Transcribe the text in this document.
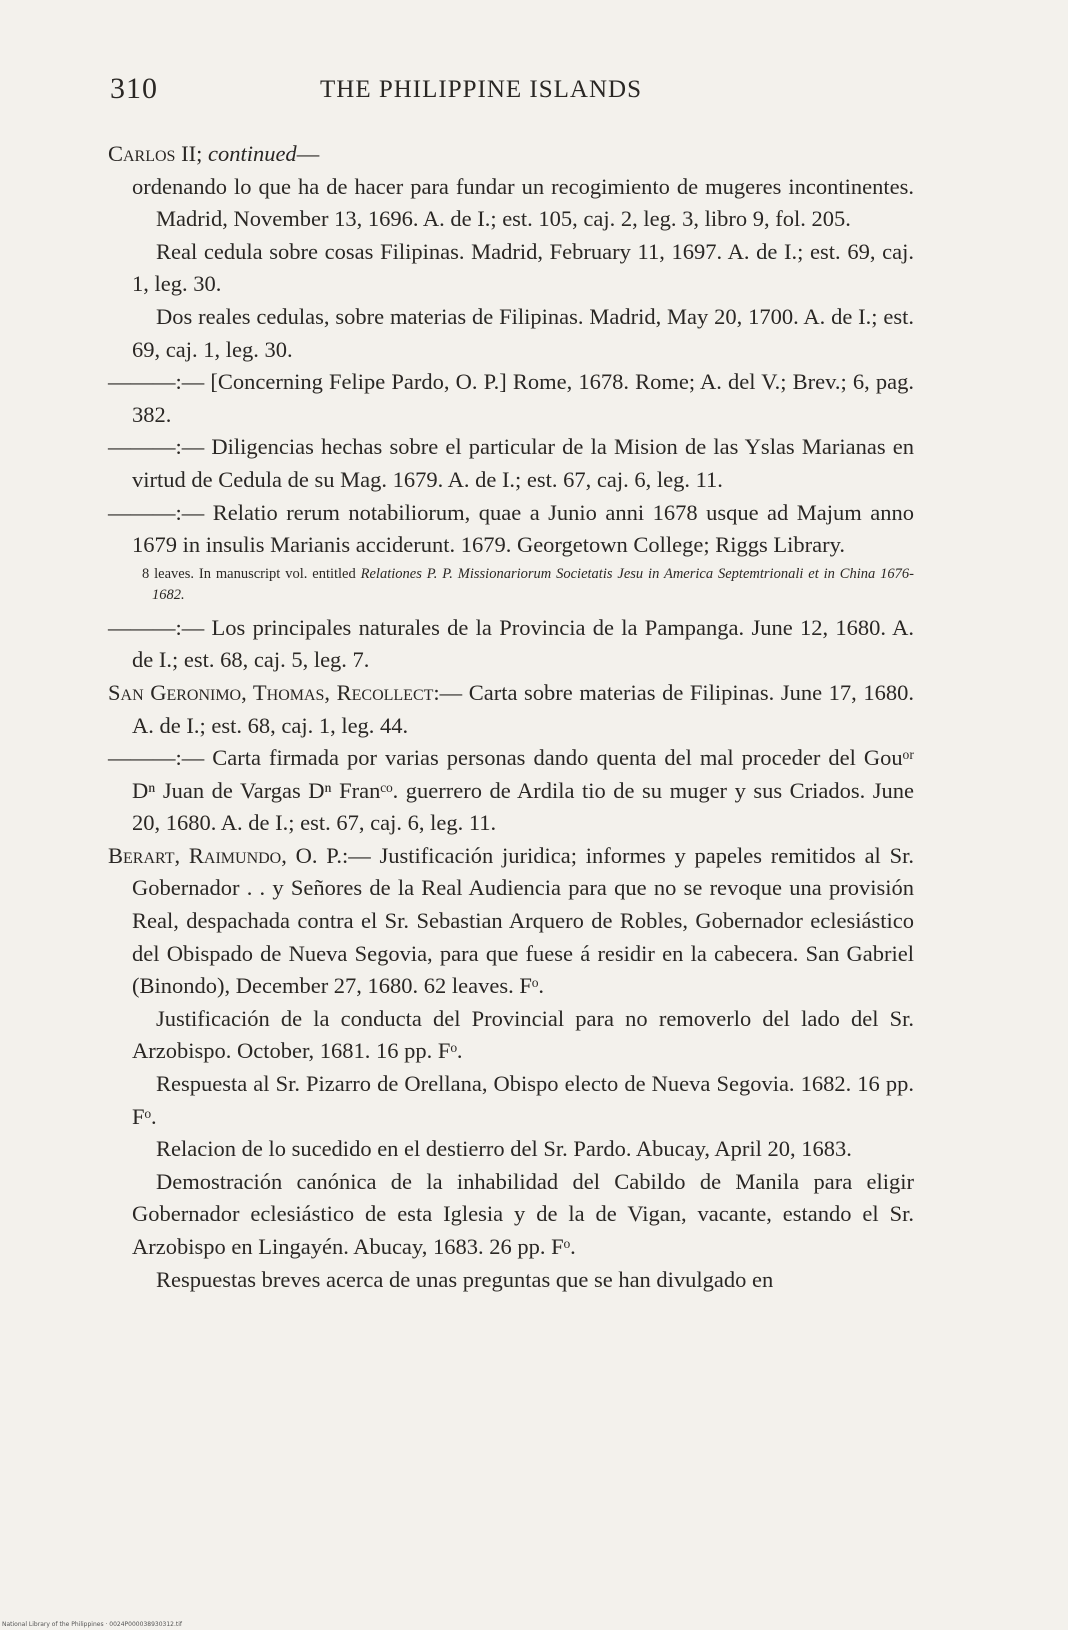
310	THE PHILIPPINE ISLANDS

Carlos II; continued—

ordenando lo que ha de hacer para fundar un recogimiento de mugeres incontinentes. Madrid, November 13, 1696. A. de I.; est. 105, caj. 2, leg. 3, libro 9, fol. 205.

Real cedula sobre cosas Filipinas. Madrid, February 11, 1697. A. de I.; est. 69, caj. 1, leg. 30.

Dos reales cedulas, sobre materias de Filipinas. Madrid, May 20, 1700. A. de I.; est. 69, caj. 1, leg. 30.

———:— [Concerning Felipe Pardo, O. P.] Rome, 1678. Rome; A. del V.; Brev.; 6, pag. 382.

———:— Diligencias hechas sobre el particular de la Mision de las Yslas Marianas en virtud de Cedula de su Mag. 1679. A. de I.; est. 67, caj. 6, leg. 11.

———:— Relatio rerum notabiliorum, quae a Junio anni 1678 usque ad Majum anno 1679 in insulis Marianis acciderunt. 1679. Georgetown College; Riggs Library.

8 leaves. In manuscript vol. entitled Relationes P. P. Missionariorum Societatis Jesu in America Septemtrionali et in China 1676-1682.

———:— Los principales naturales de la Provincia de la Pampanga. June 12, 1680. A. de I.; est. 68, caj. 5, leg. 7.

San Geronimo, Thomas, Recollect:— Carta sobre materias de Filipinas. June 17, 1680. A. de I.; est. 68, caj. 1, leg. 44.

———:— Carta firmada por varias personas dando quenta del mal proceder del Gouᵒʳ Dⁿ Juan de Vargas Dⁿ Franᶜᵒ. guerrero de Ardila tio de su muger y sus Criados. June 20, 1680. A. de I.; est. 67, caj. 6, leg. 11.

Berart, Raimundo, O. P.:— Justificación juridica; informes y papeles remitidos al Sr. Gobernador . . y Señores de la Real Audiencia para que no se revoque una provisión Real, despachada contra el Sr. Sebastian Arquero de Robles, Gobernador eclesiástico del Obispado de Nueva Segovia, para que fuese á residir en la cabecera. San Gabriel (Binondo), December 27, 1680. 62 leaves. Fᵒ.

Justificación de la conducta del Provincial para no removerlo del lado del Sr. Arzobispo. October, 1681. 16 pp. Fᵒ.

Respuesta al Sr. Pizarro de Orellana, Obispo electo de Nueva Segovia. 1682. 16 pp. Fᵒ.

Relacion de lo sucedido en el destierro del Sr. Pardo. Abucay, April 20, 1683.

Demostración canónica de la inhabilidad del Cabildo de Manila para eligir Gobernador eclesiástico de esta Iglesia y de la de Vigan, vacante, estando el Sr. Arzobispo en Lingayén. Abucay, 1683. 26 pp. Fᵒ.

Respuestas breves acerca de unas preguntas que se han divulgado en

National Library of the Philippines · 0024P000038930312.tif
